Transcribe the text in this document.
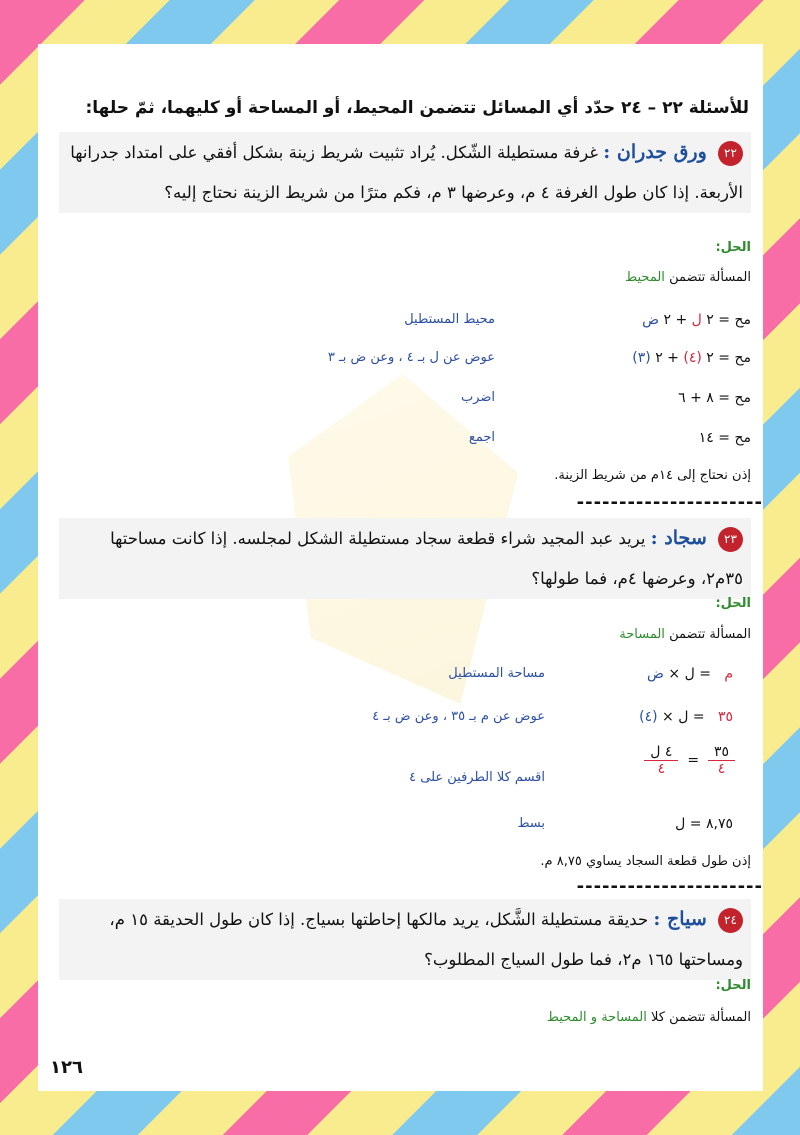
للأسئلة ٢٢ – ٢٤ حدّد أي المسائل تتضمن المحيط، أو المساحة أو كليهما، ثمّ حلها:
٢٢ ورق جدران : غرفة مستطيلة الشّكل. يُراد تثبيت شريط زينة بشكل أفقي على امتداد جدرانها الأربعة. إذا كان طول الغرفة ٤ م، وعرضها ٣ م، فكم مترًا من شريط الزينة نحتاج إليه؟
الحل:
المسألة تتضمن المحيط
مح = ٢ ل + ٢ ض
محيط المستطيل
مح = ٢ (٤) + ٢ (٣)
عوض عن ل بـ ٤ ، وعن ض بـ ٣
مح = ٨ + ٦
اضرب
مح = ١٤
اجمع
إذن نحتاج إلى ١٤م من شريط الزينة.
----------------------
٢٣ سجاد : يريد عبد المجيد شراء قطعة سجاد مستطيلة الشكل لمجلسه. إذا كانت مساحتها ٣٥م٢، وعرضها ٤م، فما طولها؟
الحل:
المسألة تتضمن المساحة
م   = ل × ض
مساحة المستطيل
٣٥   = ل × (٤)
عوض عن م بـ ٣٥ ، وعن ض بـ ٤
$\frac{٣٥}{٤}$
=
$\frac{\text{٤ ل}}{٤}$
اقسم كلا الطرفين على ٤
٨,٧٥ = ل
بسط
إذن طول قطعة السجاد يساوي ٨,٧٥ م.
----------------------
٢٤ سياج : حديقة مستطيلة الشَّكل، يريد مالكها إحاطتها بسياج. إذا كان طول الحديقة ١٥ م، ومساحتها ١٦٥ م٢، فما طول السياج المطلوب؟
الحل:
المسألة تتضمن كلا المساحة و المحيط
١٢٦
